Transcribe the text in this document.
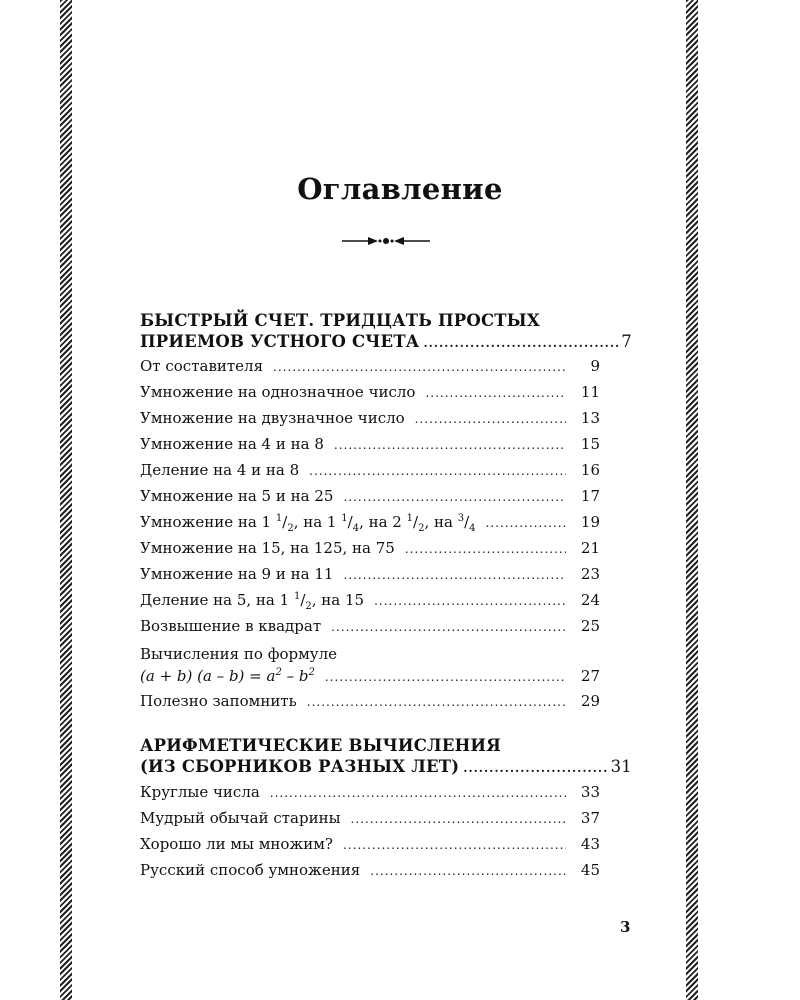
Оглавление
БЫСТРЫЙ СЧЕТ. ТРИДЦАТЬ ПРОСТЫХ
ПРИЕМОВ УСТНОГО СЧЕТА .....	7
От составителя .....	9
Умножение на однозначное число .....	11
Умножение на двузначное число .....	13
Умножение на 4 и на 8 .....	15
Деление на 4 и на 8 .....	16
Умножение на 5 и на 25 .....	17
Умножение на 1 $^1/_2$, на 1 $^1/_4$, на 2 $^1/_2$, на $^3/_4$ .....	19
Умножение на 15, на 125, на 75 .....	21
Умножение на 9 и на 11 .....	23
Деление на 5, на 1 $^1/_2$, на 15 .....	24
Возвышение в квадрат .....	25
Вычисления по формуле
(a + b) $(a - b) = a^2 - b^2$ .....	27
Полезно запомнить .....	29
АРИФМЕТИЧЕСКИЕ ВЫЧИСЛЕНИЯ
(ИЗ СБОРНИКОВ РАЗНЫХ ЛЕТ) .....	31
Круглые числа .....	33
Мудрый обычай старины .....	37
Хорошо ли мы множим? .....	43
Русский способ умножения .....	45
3
